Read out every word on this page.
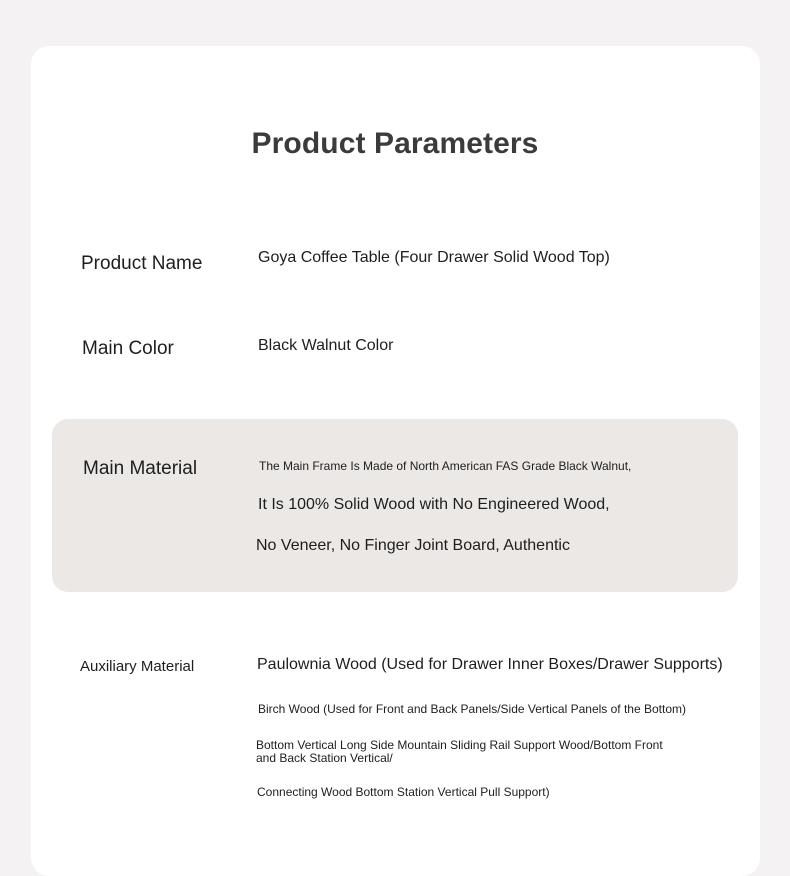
Product Parameters
Product Name	Goya Coffee Table (Four Drawer Solid Wood Top)
Main Color	Black Walnut Color
Main Material	The Main Frame Is Made of North American FAS Grade Black Walnut,
It Is 100% Solid Wood with No Engineered Wood,
No Veneer, No Finger Joint Board, Authentic
Auxiliary Material	Paulownia Wood (Used for Drawer Inner Boxes/Drawer Supports)
Birch Wood (Used for Front and Back Panels/Side Vertical Panels of the Bottom)
Bottom Vertical Long Side Mountain Sliding Rail Support Wood/Bottom Front
and Back Station Vertical/
Connecting Wood Bottom Station Vertical Pull Support)
